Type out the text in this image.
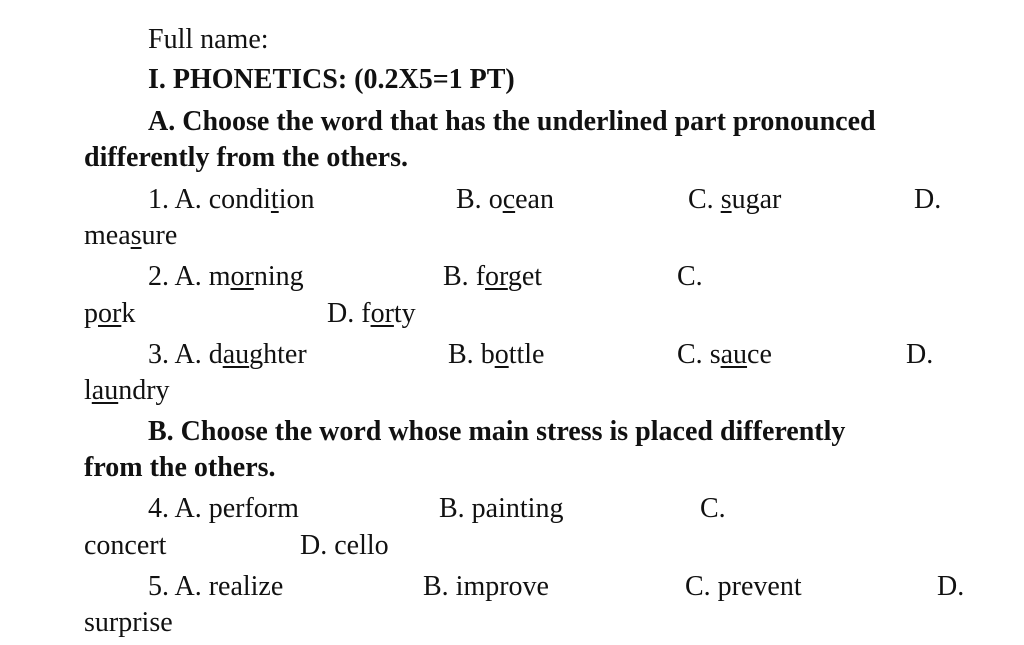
Full name:
I. PHONETICS: (0.2X5=1 PT)
A. Choose the word that has the underlined part pronounced
differently from the others.
1. A. condition	B. ocean	C. sugar	D.
measure
2. A. morning	B. forget	C.
pork	D. forty
3. A. daughter	B. bottle	C. sauce	D.
laundry
B. Choose the word whose main stress is placed differently
from the others.
4. A. perform	B. painting	C.
concert	D. cello
5. A. realize	B. improve	C. prevent	D.
surprise
